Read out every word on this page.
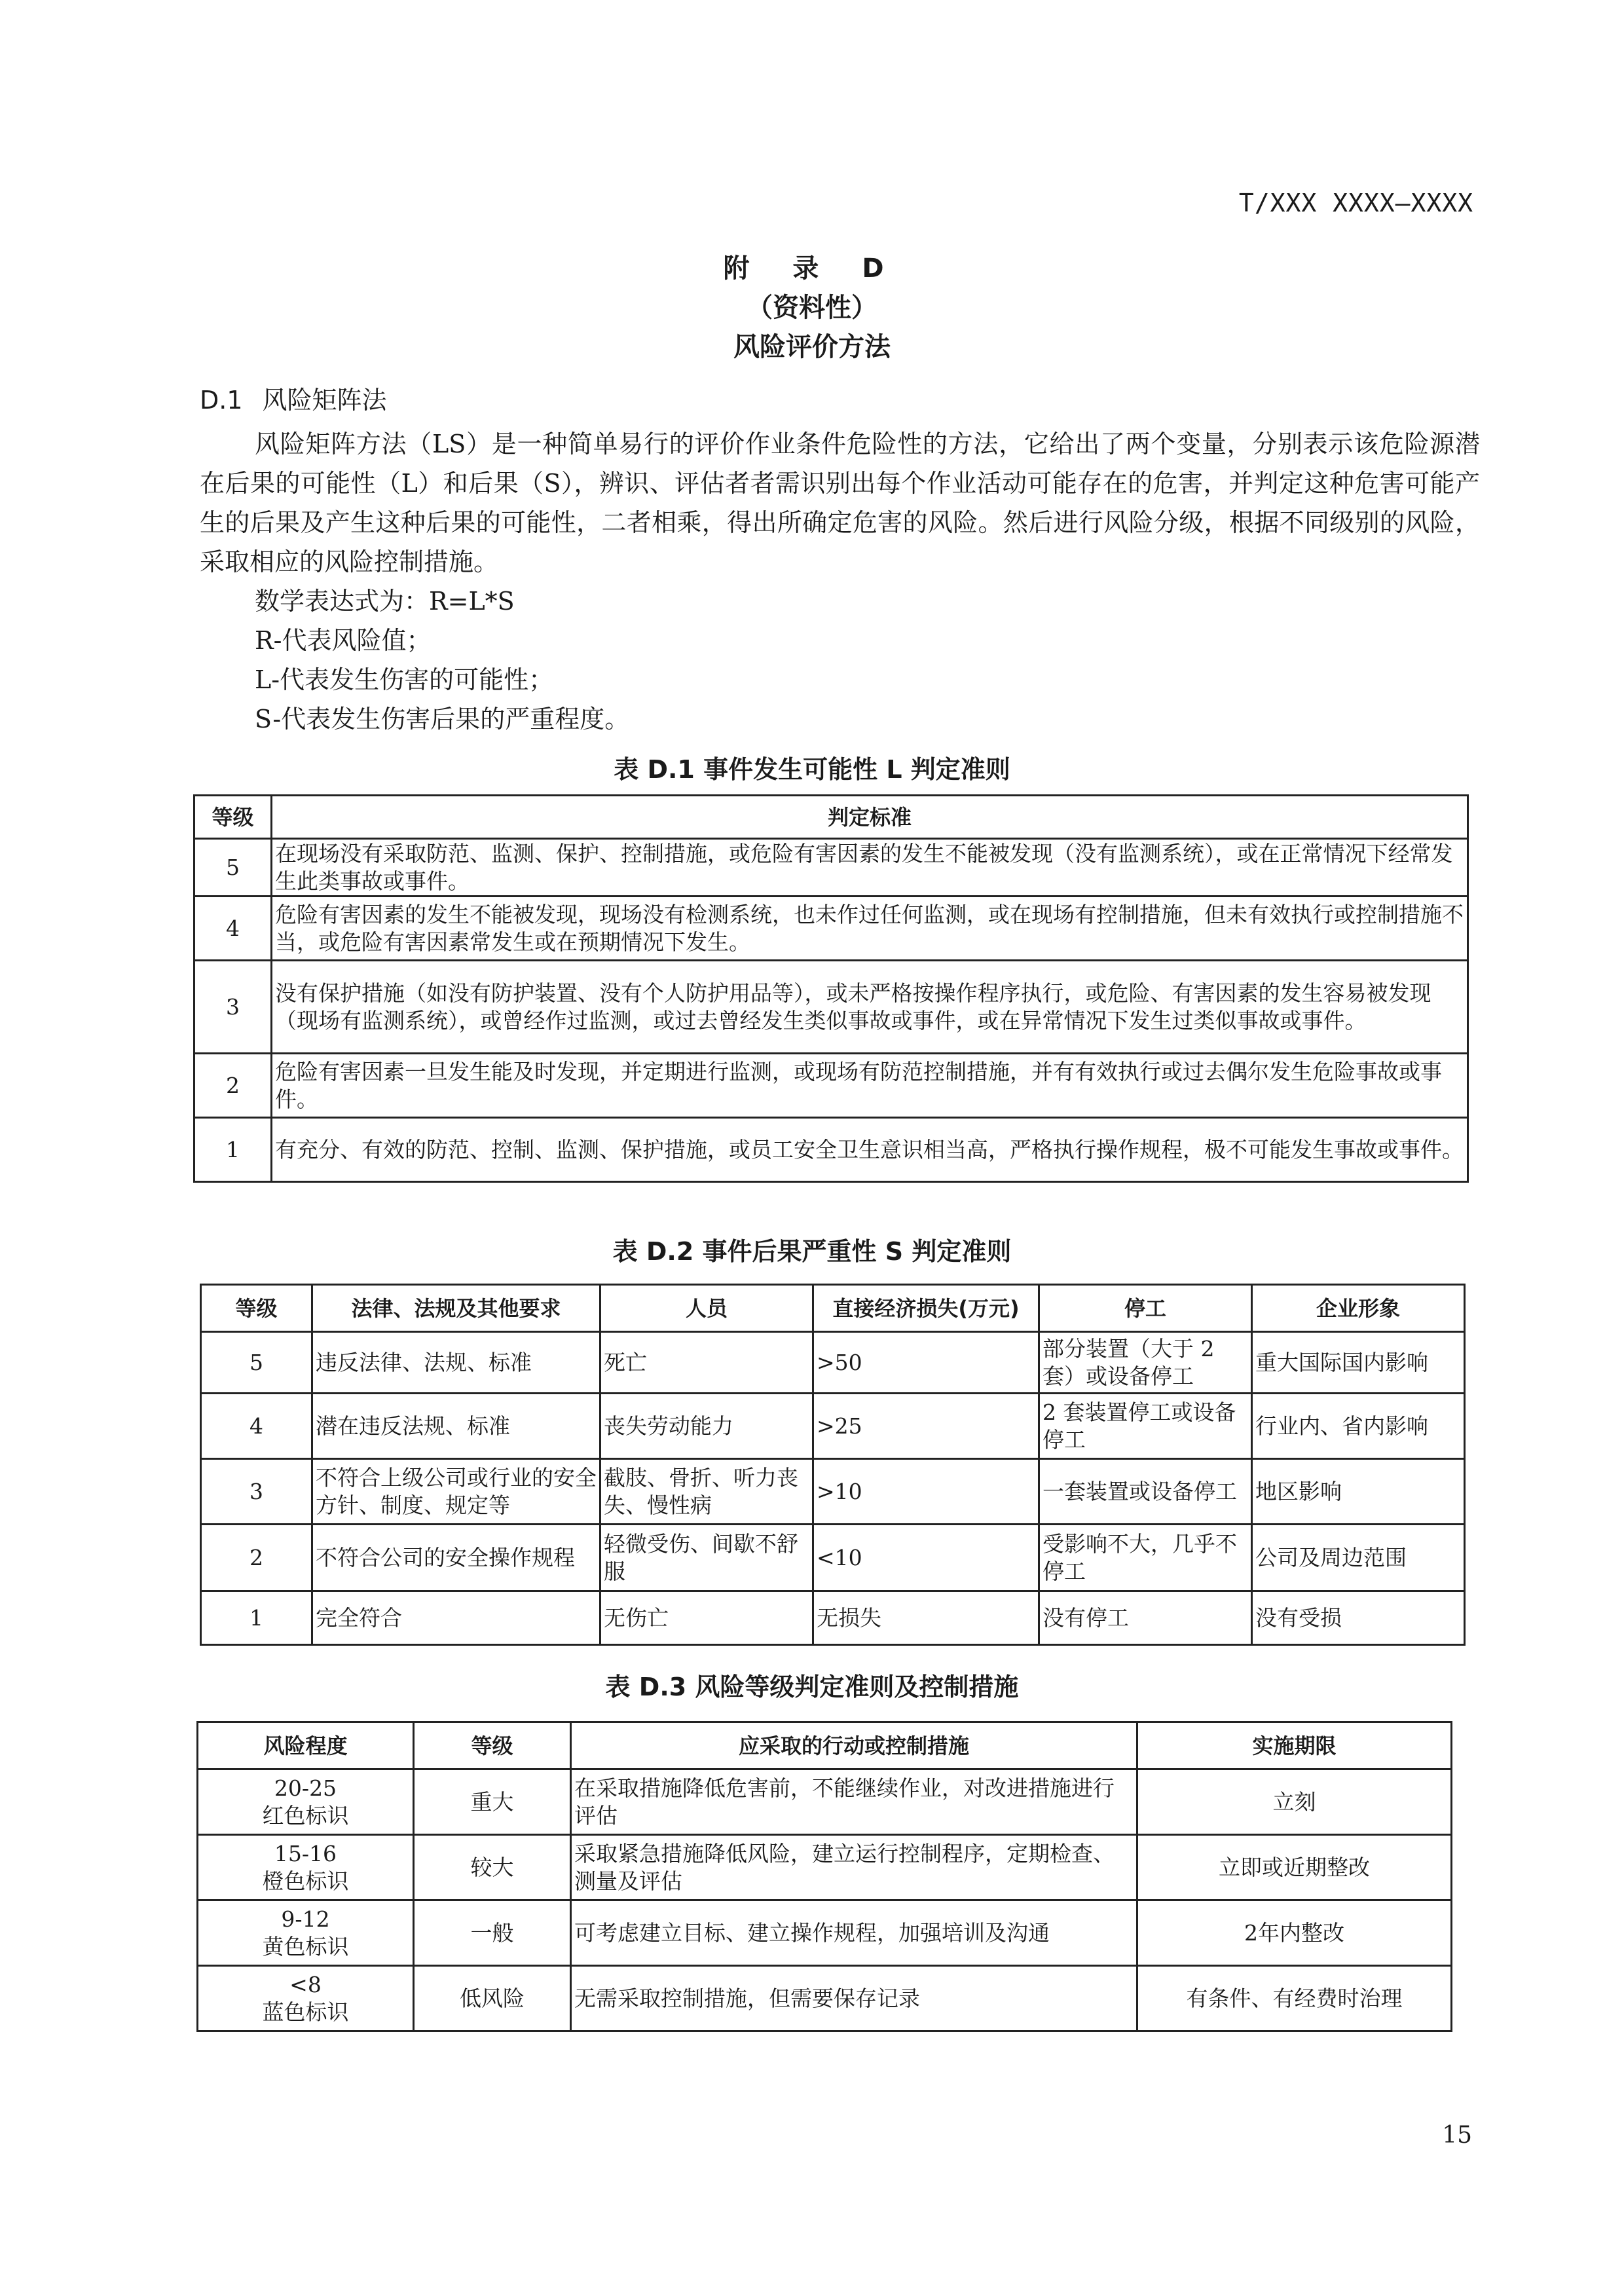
T/XXX XXXX—XXXX
附 录 D
（资料性）
风险评价方法
D.1 风险矩阵法

风险矩阵方法（LS）是一种简单易行的评价作业条件危险性的方法，它给出了两个变量，分别表示该危险源潜在后果的可能性（L）和后果（S），辨识、评估者者需识别出每个作业活动可能存在的危害，并判定这种危害可能产生的后果及产生这种后果的可能性，二者相乘，得出所确定危害的风险。然后进行风险分级，根据不同级别的风险，采取相应的风险控制措施。

数学表达式为：R=L*S

R-代表风险值；

L-代表发生伤害的可能性；

S-代表发生伤害后果的严重程度。

表 D.1 事件发生可能性 L 判定准则
等级	判定标准
5	在现场没有采取防范、监测、保护、控制措施，或危险有害因素的发生不能被发现（没有监测系统），或在正常情况下经常发生此类事故或事件。
4	危险有害因素的发生不能被发现，现场没有检测系统，也未作过任何监测，或在现场有控制措施，但未有效执行或控制措施不当，或危险有害因素常发生或在预期情况下发生。
3	没有保护措施（如没有防护装置、没有个人防护用品等），或未严格按操作程序执行，或危险、有害因素的发生容易被发现（现场有监测系统），或曾经作过监测，或过去曾经发生类似事故或事件，或在异常情况下发生过类似事故或事件。
2	危险有害因素一旦发生能及时发现，并定期进行监测，或现场有防范控制措施，并有有效执行或过去偶尔发生危险事故或事件。
1	有充分、有效的防范、控制、监测、保护措施，或员工安全卫生意识相当高，严格执行操作规程，极不可能发生事故或事件。
表 D.2 事件后果严重性 S 判定准则
等级	法律、法规及其他要求	人员	直接经济损失(万元)	停工	企业形象
5	违反法律、法规、标准	死亡	>50	部分装置（大于 2 套）或设备停工	重大国际国内影响
4	潜在违反法规、标准	丧失劳动能力	>25	2 套装置停工或设备停工	行业内、省内影响
3	不符合上级公司或行业的安全方针、制度、规定等	截肢、骨折、听力丧失、慢性病	>10	一套装置或设备停工	地区影响
2	不符合公司的安全操作规程	轻微受伤、间歇不舒服	<10	受影响不大，几乎不停工	公司及周边范围
1	完全符合	无伤亡	无损失	没有停工	没有受损
表 D.3 风险等级判定准则及控制措施
风险程度	等级	应采取的行动或控制措施	实施期限

20-25
红色标识	重大	在采取措施降低危害前，不能继续作业，对改进措施进行评估	立刻

15-16
橙色标识	较大	采取紧急措施降低风险，建立运行控制程序，定期检查、测量及评估	立即或近期整改

9-12
黄色标识	一般	可考虑建立目标、建立操作规程，加强培训及沟通	2年内整改

<8
蓝色标识	低风险	无需采取控制措施，但需要保存记录	有条件、有经费时治理
15
